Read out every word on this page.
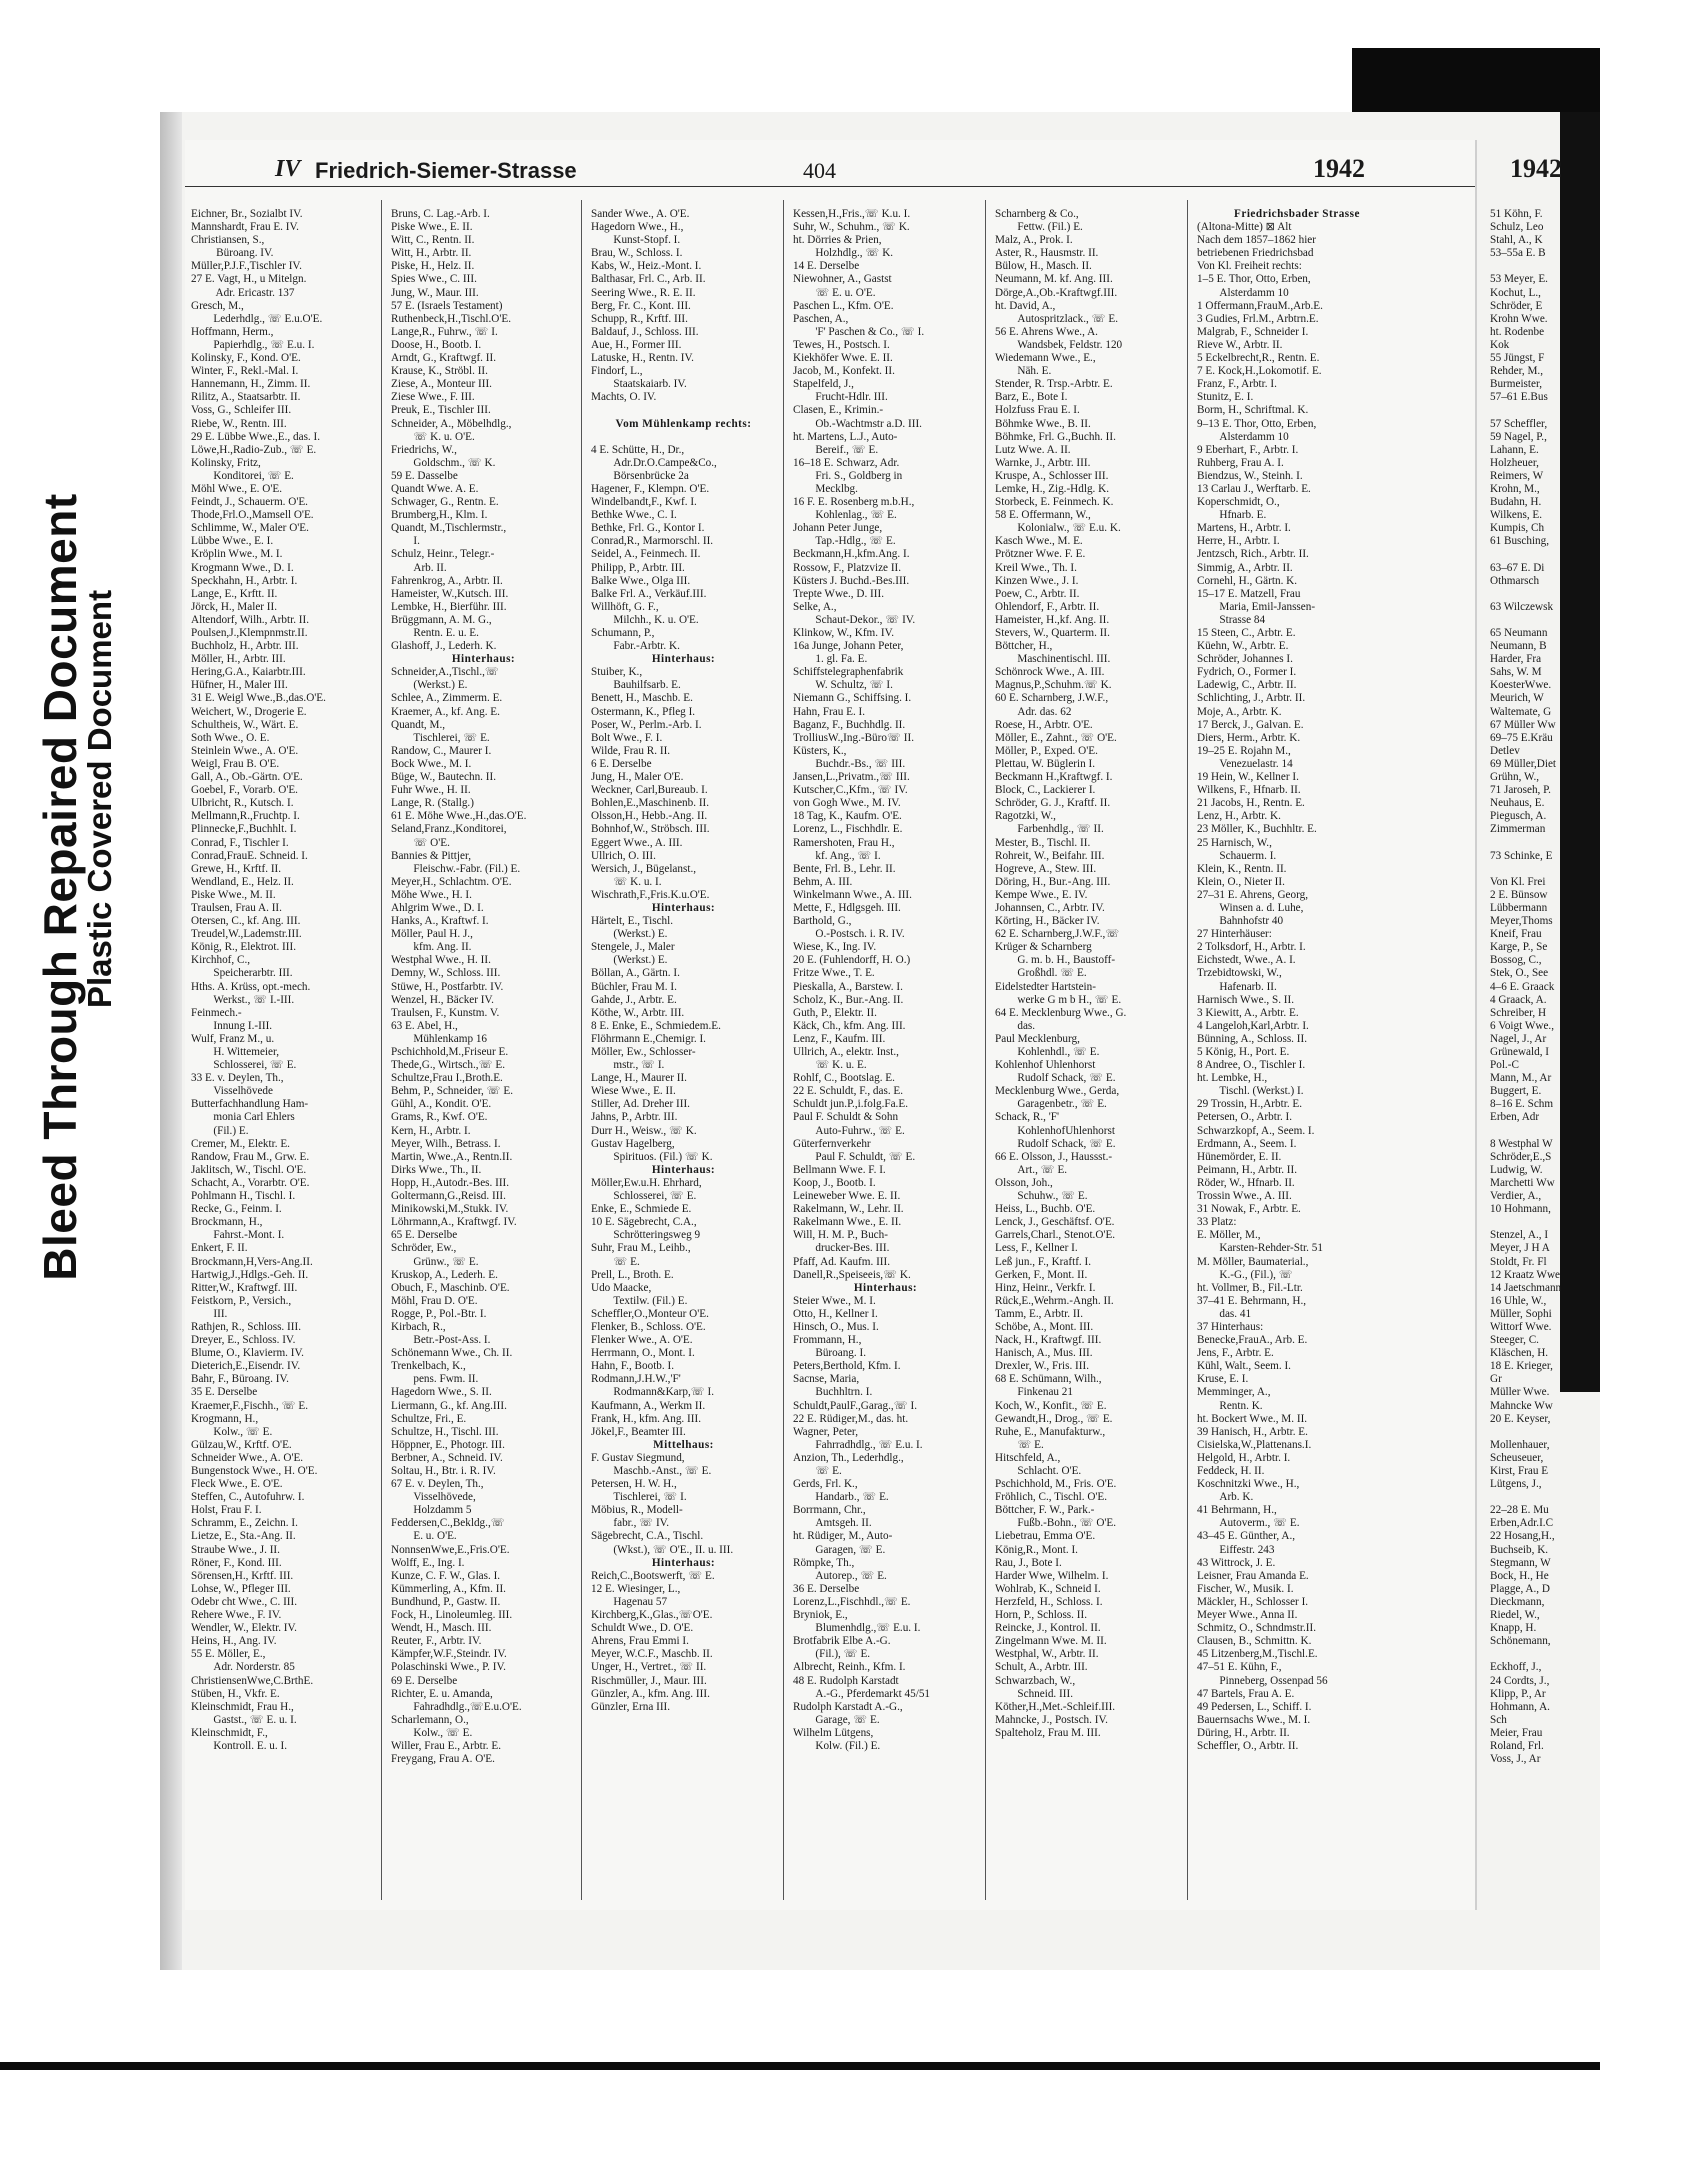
Bleed Through Repaired Document
Plastic Covered Document
IV Friedrich-Siemer-Strasse	404	1942
Eichner, Br., Sozialbt IV.
Mannshardt, Frau E. IV.
Christiansen, S.,
   Büroang. IV.
Müller,P.J.F.,Tischler IV.
27 E. Vagt, H., u Mitelgn.
   Adr. Ericastr. 137
Gresch, M.,
  Lederhdlg., ☏ E.u.O'E.
Hoffmann, Herm.,
  Papierhdlg., ☏ E.u. I.
Kolinsky, F., Kond. O'E.
Winter, F., Rekl.-Mal. I.
Hannemann, H., Zimm. II.
Rilitz, A., Staatsarbtr. II.
Voss, G., Schleifer III.
Riebe, W., Rentn. III.
29 E. Lübbe Wwe.,E., das. I.
Löwe,H.,Radio-Zub., ☏ E.
Kolinsky, Fritz,
  Konditorei, ☏ E.
Möhl Wwe., E. O'E.
Feindt, J., Schauerm. O'E.
Thode,Frl.O.,Mamsell O'E.
Schlimme, W., Maler O'E.
Lübbe Wwe., E. I.
Kröplin Wwe., M. I.
Krogmann Wwe., D. I.
Speckhahn, H., Arbtr. I.
Lange, E., Krftt. II.
Jörck, H., Maler II.
Altendorf, Wilh., Arbtr. II.
Poulsen,J.,Klempnmstr.II.
Buchholz, H., Arbtr. III.
Möller, H., Arbtr. III.
Hering,G.A., Kaiarbtr.III.
Hüfner, H., Maler III.
31 E. Weigl Wwe.,B.,das.O'E.
Weichert, W., Drogerie E.
Schultheis, W., Wärt. E.
Soth Wwe., O. E.
Steinlein Wwe., A. O'E.
Weigl, Frau B. O'E.
Gall, A., Ob.-Gärtn. O'E.
Goebel, F., Vorarb. O'E.
Ulbricht, R., Kutsch. I.
Mellmann,R.,Fruchtp. I.
Plinnecke,F.,Buchhlt. I.
Conrad, F., Tischler I.
Conrad,FrauE. Schneid. I.
Grewe, H., Krftf. II.
Wendland, E., Helz. II.
Piske Wwe., M. II.
Traulsen, Frau A. II.
Otersen, C., kf. Ang. III.
Treudel,W.,Lademstr.III.
König, R., Elektrot. III.
Kirchhof, C.,
  Speicherarbtr. III.
Hths. A. Krüss, opt.-mech.
  Werkst., ☏ I.-III.
Feinmech.-
  Innung I.-III.
Wulf, Franz M., u.
  H. Wittemeier,
  Schlosserei, ☏ E.
33 E. v. Deylen, Th.,
  Visselhövede
Butterfachhandlung Ham-
  monia Carl Ehlers
  (Fil.) E.
Cremer, M., Elektr. E.
Randow, Frau M., Grw. E.
Jaklitsch, W., Tischl. O'E.
Schacht, A., Vorarbtr. O'E.
Pohlmann H., Tischl. I.
Recke, G., Feinm. I.
Brockmann, H.,
  Fahrst.-Mont. I.
Enkert, F. II.
Brockmann,H,Vers-Ang.II.
Hartwig,J.,Hdlgs.-Geh. II.
Ritter,W., Kraftwgf. III.
Feistkorn, P., Versich.,
  III.
Rathjen, R., Schloss. III.
Dreyer, E., Schloss. IV.
Blume, O., Klavierm. IV.
Dieterich,E.,Eisendr. IV.
Bahr, F., Büroang. IV.
35 E. Derselbe
Kraemer,F.,Fischh., ☏ E.
Krogmann, H.,
  Kolw., ☏ E.
Gülzau,W., Krftf. O'E.
Schneider Wwe., A. O'E.
Bungenstock Wwe., H. O'E.
Fleck Wwe., E. O'E.
Steffen, C., Autofuhrw. I.
Holst, Frau F. I.
Schramm, E., Zeichn. I.
Lietze, E., Sta.-Ang. II.
Straube Wwe., J. II.
Röner, F., Kond. III.
Sörensen,H., Krftf. III.
Lohse, W., Pfleger III.
Odebr cht Wwe., C. III.
Rehere Wwe., F. IV.
Wendler, W., Elektr. IV.
Heins, H., Ang. IV.
55 E. Möller, E.,
  Adr. Norderstr. 85
ChristiensenWwe,C.BrthE.
Stüben, H., Vkfr. E.
Kleinschmidt, Frau H.,
  Gastst., ☏ E. u. I.
Kleinschmidt, F.,
  Kontroll. E. u. I.
Bruns, C. Lag.-Arb. I.
Piske Wwe., E. II.
Witt, C., Rentn. II.
Witt, H., Arbtr. II.
Piske, H., Helz. II.
Spies Wwe., C. III.
Jung, W., Maur. III.
57 E. (Israels Testament)
Ruthenbeck,H.,Tischl.O'E.
Lange,R., Fuhrw., ☏ I.
Doose, H., Bootb. I.
Arndt, G., Kraftwgf. II.
Krause, K., Ströbl. II.
Ziese, A., Monteur III.
Ziese Wwe., F. III.
Preuk, E., Tischler III.
Schneider, A., Möbelhdlg.,
  ☏ K. u. O'E.
Friedrichs, W.,
  Goldschm., ☏ K.
59 E. Dasselbe
Quandt Wwe. A. E.
Schwager, G., Rentn. E.
Brumberg,H., Klm. I.
Quandt, M.,Tischlermstr.,
  I.
Schulz, Heinr., Telegr.-
  Arb. II.
Fahrenkrog, A., Arbtr. II.
Hameister, W.,Kutsch. III.
Lembke, H., Bierführ. III.
Brüggmann, A. M. G.,
  Rentn. E. u. E.
Glashoff, J., Lederh. K.
Hinterhaus:
Schneider,A.,Tischl.,☏
  (Werkst.) E.
Schlee, A., Zimmerm. E.
Kraemer, A., kf. Ang. E.
Quandt, M.,
  Tischlerei, ☏ E.
Randow, C., Maurer I.
Bock Wwe., M. I.
Büge, W., Bautechn. II.
Fuhr Wwe., H. II.
Lange, R. (Stallg.)
61 E. Möhe Wwe.,H.,das.O'E.
Seland,Franz.,Konditorei,
  ☏ O'E.
Bannies & Pittjer,
  Fleischw.-Fabr. (Fil.) E.
Meyer,H., Schlachtm. O'E.
Möhe Wwe., H. I.
Ahlgrim Wwe., D. I.
Hanks, A., Kraftwf. I.
Möller, Paul H. J.,
  kfm. Ang. II.
Westphal Wwe., H. II.
Demny, W., Schloss. III.
Stüwe, H., Postfarbtr. IV.
Wenzel, H., Bäcker IV.
Traulsen, F., Kunstm. V.
63 E. Abel, H.,
  Mühlenkamp 16
Pschichhold,M.,Friseur E.
Thede,G., Wirtsch.,☏ E.
Schultze,Frau I.,Broth.E.
Behm, P., Schneider, ☏ E.
Gühl, A., Kondit. O'E.
Grams, R., Kwf. O'E.
Kern, H., Arbtr. I.
Meyer, Wilh., Betrass. I.
Martin, Wwe.,A., Rentn.II.
Dirks Wwe., Th., II.
Hopp, H.,Autodr.-Bes. III.
Goltermann,G.,Reisd. III.
Minikowski,M.,Stukk. IV.
Löhrmann,A., Kraftwgf. IV.
65 E. Derselbe
Schröder, Ew.,
  Grünw., ☏ E.
Kruskop, A., Lederh. E.
Obuch, F., Maschinb. O'E.
Möhl, Frau D. O'E.
Rogge, P., Pol.-Btr. I.
Kirbach, R.,
  Betr.-Post-Ass. I.
Schönemann Wwe., Ch. II.
Trenkelbach, K.,
  pens. Fwm. II.
Hagedorn Wwe., S. II.
Liermann, G., kf. Ang.III.
Schultze, Fri., E.
Schultze, H., Tischl. III.
Höppner, E., Photogr. III.
Berbner, A., Schneid. IV.
Soltau, H., Btr. i. R. IV.
67 E. v. Deylen, Th.,
  Visselhövede,
  Holzdamm 5
Feddersen,C.,Bekldg.,☏
  E. u. O'E.
NonnsenWwe,E.,Fris.O'E.
Wolff, E., Ing. I.
Kunze, C. F. W., Glas. I.
Kümmerling, A., Kfm. II.
Bundhund, P., Gastw. II.
Fock, H., Linoleumleg. III.
Wendt, H., Masch. III.
Reuter, F., Arbtr. IV.
Kämpfer,W.F.,Steindr. IV.
Polaschinski Wwe., P. IV.
69 E. Derselbe
Richter, E. u. Amanda,
  Fahradhdlg.,☏E.u.O'E.
Scharlemann, O.,
  Kolw., ☏ E.
Willer, Frau E., Arbtr. E.
Freygang, Frau A. O'E.
Sander Wwe., A. O'E.
Hagedorn Wwe., H.,
  Kunst-Stopf. I.
Brau, W., Schloss. I.
Kabs, W., Heiz.-Mont. I.
Balthasar, Frl. C., Arb. II.
Seering Wwe., R. E. II.
Berg, Fr. C., Kont. III.
Schupp, R., Krftf. III.
Baldauf, J., Schloss. III.
Aue, H., Former III.
Latuske, H., Rentn. IV.
Findorf, L.,
  Staatskaiarb. IV.
Machts, O. IV.
Vom Mühlenkamp rechts:
4 E. Schütte, H., Dr.,
  Adr.Dr.O.Campe&Co.,
  Börsenbrücke 2a
Hagener, F., Klempn. O'E.
Windelbandt,F., Kwf. I.
Bethke Wwe., C. I.
Bethke, Frl. G., Kontor I.
Conrad,R., Marmorschl. II.
Seidel, A., Feinmech. II.
Philipp, P., Arbtr. III.
Balke Wwe., Olga III.
Balke Frl. A., Verkäuf.III.
Willhöft, G. F.,
  Milchh., K. u. O'E.
Schumann, P.,
  Fabr.-Arbtr. K.
Hinterhaus:
Stuiber, K.,
  Bauhilfsarb. E.
Benett, H., Maschb. E.
Ostermann, K., Pfleg I.
Poser, W., Perlm.-Arb. I.
Bolt Wwe., F. I.
Wilde, Frau R. II.
6 E. Derselbe
Jung, H., Maler O'E.
Weckner, Carl,Bureaub. I.
Bohlen,E.,Maschinenb. II.
Olsson,H., Hebb.-Ang. II.
Bohnhof,W., Ströbsch. III.
Eggert Wwe., A. III.
Ullrich, O. III.
Wersich, J., Bügelanst.,
  ☏ K. u. I.
Wischrath,F.,Fris.K.u.O'E.
Hinterhaus:
Härtelt, E., Tischl.
  (Werkst.) E.
Stengele, J., Maler
  (Werkst.) E.
Böllan, A., Gärtn. I.
Büchler, Frau M. I.
Gahde, J., Arbtr. E.
Köthe, W., Arbtr. III.
8 E. Enke, E., Schmiedem.E.
Flöhrmann E.,Chemigr. I.
Möller, Ew., Schlosser-
  mstr., ☏ I.
Lange, H., Maurer II.
Wiese Wwe., E. II.
Stiller, Ad. Dreher III.
Jahns, P., Arbtr. III.
Durr H., Weisw., ☏ K.
Gustav Hagelberg,
  Spirituos. (Fil.) ☏ K.
Hinterhaus:
Möller,Ew.u.H. Ehrhard,
  Schlosserei, ☏ E.
Enke, E., Schmiede E.
10 E. Sägebrecht, C.A.,
  Schrötteringsweg 9
Suhr, Frau M., Leihb.,
  ☏ E.
Prell, L., Broth. E.
Udo Maacke,
  Textilw. (Fil.) E.
Scheffler,O.,Monteur O'E.
Flenker, B., Schloss. O'E.
Flenker Wwe., A. O'E.
Herrmann, O., Mont. I.
Hahn, F., Bootb. I.
Rodmann,J.H.W.,'F'
  Rodmann&Karp,☏ I.
Kaufmann, A., Werkm II.
Frank, H., kfm. Ang. III.
Jökel,F., Beamter III.
Mittelhaus:
F. Gustav Siegmund,
  Maschb.-Anst., ☏ E.
Petersen, H. W. H.,
  Tischlerei, ☏ I.
Möbius, R., Modell-
  fabr., ☏ IV.
Sägebrecht, C.A., Tischl.
  (Wkst.), ☏ O'E., II. u. III.
Hinterhaus:
Reich,C.,Bootswerft, ☏ E.
12 E. Wiesinger, L.,
  Hagenau 57
Kirchberg,K.,Glas.,☏O'E.
Schuldt Wwe., D. O'E.
Ahrens, Frau Emmi I.
Meyer, W.C.F., Maschb. II.
Unger, H., Vertret., ☏ II.
Rischmüller, J., Maur. III.
Günzler, A., kfm. Ang. III.
Günzler, Erna III.
Kessen,H.,Fris.,☏ K.u. I.
Suhr, W., Schuhm., ☏ K.
ht. Dörries & Prien,
  Holzhdlg., ☏ K.
14 E. Derselbe
Niewohner, A., Gastst
  ☏ E. u. O'E.
Paschen L., Kfm. O'E.
Paschen, A.,
  'F' Paschen & Co., ☏ I.
Tewes, H., Postsch. I.
Kiekhöfer Wwe. E. II.
Jacob, M., Konfekt. II.
Stapelfeld, J.,
  Frucht-Hdlr. III.
Clasen, E., Krimin.-
  Ob.-Wachtmstr a.D. III.
ht. Martens, L.J., Auto-
  Bereif., ☏ E.
16–18 E. Schwarz, Adr.
  Fri. S., Goldberg in
  Mecklbg.
16 F. E. Rosenberg m.b.H.,
  Kohlenlag., ☏ E.
Johann Peter Junge,
  Tap.-Hdlg., ☏ E.
Beckmann,H.,kfm.Ang. I.
Rossow, F., Platzvize II.
Küsters J. Buchd.-Bes.III.
Trepte Wwe., D. III.
Selke, A.,
  Schaut-Dekor., ☏ IV.
Klinkow, W., Kfm. IV.
16a Junge, Johann Peter,
  1. gl. Fa. E.
Schiffstelegraphenfabrik
  W. Schultz, ☏ I.
Niemann G., Schiffsing. I.
Hahn, Frau E. I.
Baganz, F., Buchhdlg. II.
TrolliusW.,Ing.-Büro☏ II.
Küsters, K.,
  Buchdr.-Bs., ☏ III.
Jansen,L.,Privatm.,☏ III.
Kutscher,C.,Kfm., ☏ IV.
von Gogh Wwe., M. IV.
18 Tag, K., Kaufm. O'E.
Lorenz, L., Fischhdlr. E.
Ramershoten, Frau H.,
  kf. Ang., ☏ I.
Bente, Frl. B., Lehr. II.
Behm, A. III.
Winkelmann Wwe., A. III.
Mette, F., Hdlgsgeh. III.
Barthold, G.,
  O.-Postsch. i. R. IV.
Wiese, K., Ing. IV.
20 E. (Fuhlendorff, H. O.)
Fritze Wwe., T. E.
Pieskalla, A., Barstew. I.
Scholz, K., Bur.-Ang. II.
Guth, P., Elektr. II.
Käck, Ch., kfm. Ang. III.
Lenz, F., Kaufm. III.
Ullrich, A., elektr. Inst.,
  ☏ K. u. E.
Rohlf, C., Bootslag. E.
22 E. Schuldt, F., das. E.
Schuldt jun.P.,i.folg.Fa.E.
Paul F. Schuldt & Sohn
  Auto-Fuhrw., ☏ E.
Güterfernverkehr
  Paul F. Schuldt, ☏ E.
Bellmann Wwe. F. I.
Koop, J., Bootb. I.
Leineweber Wwe. E. II.
Rakelmann, W., Lehr. II.
Rakelmann Wwe., E. II.
Will, H. M. P., Buch-
  drucker-Bes. III.
Pfaff, Ad. Kaufm. III.
Danell,R.,Speiseeis,☏ K.
Hinterhaus:
Steier Wwe., M. I.
Otto, H., Kellner I.
Hinsch, O., Mus. I.
Frommann, H.,
  Büroang. I.
Peters,Berthold, Kfm. I.
Sacnse, Maria,
  Buchhltrn. I.
Schuldt,PaulF.,Garag.,☏ I.
22 E. Rüdiger,M., das. ht.
Wagner, Peter,
  Fahrradhdlg., ☏ E.u. I.
Anzion, Th., Lederhdlg.,
  ☏ E.
Gerds, Frl. K.,
  Handarb., ☏ E.
Borrmann, Chr.,
  Amtsgeh. II.
ht. Rüdiger, M., Auto-
  Garagen, ☏ E.
Römpke, Th.,
  Autorep., ☏ E.
36 E. Derselbe
Lorenz,L.,Fischhdl.,☏ E.
Bryniok, E.,
  Blumenhdlg.,☏ E.u. I.
Brotfabrik Elbe A.-G.
  (Fil.), ☏ E.
Albrecht, Reinh., Kfm. I.
48 E. Rudolph Karstadt
  A.-G., Pferdemarkt 45/51
Rudolph Karstadt A.-G.,
  Garage, ☏ E.
Wilhelm Lütgens,
  Kolw. (Fil.) E.
Scharnberg & Co.,
  Fettw. (Fil.) E.
Malz, A., Prok. I.
Aster, R., Hausmstr. II.
Bülow, H., Masch. II.
Neumann, M. kf. Ang. III.
Dörge,A.,Ob.-Kraftwgf.III.
ht. David, A.,
  Autospritzlack., ☏ E.
56 E. Ahrens Wwe., A.
  Wandsbek, Feldstr. 120
Wiedemann Wwe., E.,
  Näh. E.
Stender, R. Trsp.-Arbtr. E.
Barz, E., Bote I.
Holzfuss Frau E. I.
Böhmke Wwe., B. II.
Böhmke, Frl. G.,Buchh. II.
Lutz Wwe. A. II.
Warnke, J., Arbtr. III.
Kruspe, A., Schlosser III.
Lemke, H., Zig.-Hdlg. K.
Storbeck, E. Feinmech. K.
58 E. Offermann, W.,
  Kolonialw., ☏ E.u. K.
Kasch Wwe., M. E.
Prötzner Wwe. F. E.
Kreil Wwe., Th. I.
Kinzen Wwe., J. I.
Poew, C., Arbtr. II.
Ohlendorf, F., Arbtr. II.
Hameister, H.,kf. Ang. II.
Stevers, W., Quarterm. II.
Böttcher, H.,
  Maschinentischl. III.
Schönrock Wwe., A. III.
Magnus,P.,Schuhm.☏ K.
60 E. Scharnberg, J.W.F.,
  Adr. das. 62
Roese, H., Arbtr. O'E.
Möller, E., Zahnt., ☏ O'E.
Möller, P., Exped. O'E.
Plettau, W. Büglerin I.
Beckmann H.,Kraftwgf. I.
Block, C., Lackierer I.
Schröder, G. J., Kraftf. II.
Ragotzki, W.,
  Farbenhdlg., ☏ II.
Mester, B., Tischl. II.
Rohreit, W., Beifahr. III.
Hogreve, A., Stew. III.
Döring, H., Bur.-Ang. III.
Kempe Wwe., E. IV.
Johannsen, C., Arbtr. IV.
Körting, H., Bäcker IV.
62 E. Scharnberg,J.W.F.,☏
Krüger & Scharnberg
  G. m. b. H., Baustoff-
  Großhdl. ☏ E.
Eidelstedter Hartstein-
  werke G m b H., ☏ E.
64 E. Mecklenburg Wwe., G.
  das.
Paul Mecklenburg,
  Kohlenhdl., ☏ E.
Kohlenhof Uhlenhorst
  Rudolf Schack, ☏ E.
Mecklenburg Wwe., Gerda,
  Garagenbetr., ☏ E.
Schack, R., 'F'
  KohlenhofUhlenhorst
  Rudolf Schack, ☏ E.
66 E. Olsson, J., Haussst.-
  Art., ☏ E.
Olsson, Joh.,
  Schuhw., ☏ E.
Heiss, L., Buchb. O'E.
Lenck, J., Geschäftsf. O'E.
Garrels,Charl., Stenot.O'E.
Less, F., Kellner I.
Leß jun., F., Kraftf. I.
Gerken, F., Mont. II.
Hinz, Heinr., Verkfr. I.
Rück,E.,Wehrm.-Angh. II.
Tamm, E., Arbtr. II.
Schöbe, A., Mont. III.
Nack, H., Kraftwgf. III.
Hanisch, A., Mus. III.
Drexler, W., Fris. III.
68 E. Schümann, Wilh.,
  Finkenau 21
Koch, W., Konfit., ☏ E.
Gewandt,H., Drog., ☏ E.
Ruhe, E., Manufakturw.,
  ☏ E.
Hitschfeld, A.,
  Schlacht. O'E.
Pschichhold, M., Fris. O'E.
Fröhlich, C., Tischl. O'E.
Böttcher, F. W., Park.-
  Fußb.-Bohn., ☏ O'E.
Liebetrau, Emma O'E.
König,R., Mont. I.
Rau, J., Bote I.
Harder Wwe, Wilhelm. I.
Wohlrab, K., Schneid I.
Herzfeld, H., Schloss. I.
Horn, P., Schloss. II.
Reincke, J., Kontrol. II.
Zingelmann Wwe. M. II.
Westphal, W., Arbtr. II.
Schult, A., Arbtr. III.
Schwarzbach, W.,
  Schneid. III.
Köther,H.,Met.-Schleif.III.
Mahncke, J., Postsch. IV.
Spalteholz, Frau M. III.
Friedrichsbader Strasse
(Altona-Mitte) ⊠ Alt
Nach dem 1857–1862 hier
betriebenen Friedrichsbad
Von Kl. Freiheit rechts:
1–5 E. Thor, Otto, Erben,
  Alsterdamm 10
1 Offermann,FrauM.,Arb.E.
3 Gudies, Frl.M., Arbtrn.E.
Malgrab, F., Schneider I.
Rieve W., Arbtr. II.
5 Eckelbrecht,R., Rentn. E.
7 E. Kock,H.,Lokomotif. E.
Franz, F., Arbtr. I.
Stunitz, E. I.
Borm, H., Schriftmal. K.
9–13 E. Thor, Otto, Erben,
  Alsterdamm 10
9 Eberhart, F., Arbtr. I.
Ruhberg, Frau A. I.
Biendzus, W., Steinh. I.
13 Carlau J., Werftarb. E.
Koperschmidt, O.,
  Hfnarb. E.
Martens, H., Arbtr. I.
Herre, H., Arbtr. I.
Jentzsch, Rich., Arbtr. II.
Simmig, A., Arbtr. II.
Cornehl, H., Gärtn. K.
15–17 E. Matzell, Frau
  Maria, Emil-Janssen-
  Strasse 84
15 Steen, C., Arbtr. E.
Küehn, W., Arbtr. E.
Schröder, Johannes I.
Fydrich, O., Former I.
Ladewig, C., Arbtr. II.
Schlichting, J., Arbtr. II.
Moje, A., Arbtr. K.
17 Berck, J., Galvan. E.
Diers, Herm., Arbtr. K.
19–25 E. Rojahn M.,
  Venezuelastr. 14
19 Hein, W., Kellner I.
Wilkens, F., Hfnarb. II.
21 Jacobs, H., Rentn. E.
Lenz, H., Arbtr. K.
23 Möller, K., Buchhltr. E.
25 Harnisch, W.,
  Schauerm. I.
Klein, K., Rentn. II.
Klein, O., Nieter II.
27–31 E. Ahrens, Georg,
  Winsen a. d. Luhe,
  Bahnhofstr 40
27 Hinterhäuser:
2 Tolksdorf, H., Arbtr. I.
Eichstedt, Wwe., A. I.
Trzebidtowski, W.,
  Hafenarb. II.
Harnisch Wwe., S. II.
3 Kiewitt, A., Arbtr. E.
4 Langeloh,Karl,Arbtr. I.
Bünning, A., Schloss. II.
5 König, H., Port. E.
8 Andree, O., Tischler I.
ht. Lembke, H.,
  Tischl. (Werkst.) I.
29 Trossin, H.,Arbtr. E.
Petersen, O., Arbtr. I.
Schwarzkopf, A., Seem. I.
Erdmann, A., Seem. I.
Hünemörder, E. II.
Peimann, H., Arbtr. II.
Röder, W., Hfnarb. II.
Trossin Wwe., A. III.
31 Nowak, F., Arbtr. E.
33 Platz:
E. Möller, M.,
  Karsten-Rehder-Str. 51
M. Möller, Baumaterial.,
  K.-G., (Fil.), ☏
ht. Vollmer, B., Fil.-Ltr.
37–41 E. Behrmann, H.,
  das. 41
37 Hinterhaus:
Benecke,FrauA., Arb. E.
Jens, F., Arbtr. E.
Kühl, Walt., Seem. I.
Kruse, E. I.
Memminger, A.,
  Rentn. K.
ht. Bockert Wwe., M. II.
39 Hanisch, H., Arbtr. E.
Cisielska,W.,Plattenans.I.
Helgold, H., Arbtr. I.
Feddeck, H. II.
Koschnitzki Wwe., H.,
  Arb. K.
41 Behrmann, H.,
  Autoverm., ☏ E.
43–45 E. Günther, A.,
  Eiffestr. 243
43 Wittrock, J. E.
Leisner, Frau Amanda E.
Fischer, W., Musik. I.
Mäckler, H., Schlosser I.
Meyer Wwe., Anna II.
Schmitz, O., Schndmstr.II.
Clausen, B., Schmittn. K.
45 Litzenberg,M.,Tischl.E.
47–51 E. Kühn, F.,
  Pinneberg, Ossenpad 56
47 Bartels, Frau A. E.
49 Pedersen, L., Schiff. I.
Bauernsachs Wwe., M. I.
Düring, H., Arbtr. II.
Scheffler, O., Arbtr. II.
1942
51 Köhn, F.
Schulz, Leo
Stahl, A., K
53–55a E. B
53 Meyer, E.
Kochut, L.,
Schröder, E
Krohn Wwe.
ht. Rodenbe
Kok
55 Jüngst, F
Rehder, M.,
Burmeister,
57–61 E.Bus
57 Scheffler,
59 Nagel, P.,
Lahann, E.
Holzheuer,
Reimers, W
Krohn, M.,
Budahn, H.
Wilkens, E.
Kumpis, Ch
61 Busching,
63–67 E. Di
Othmarsch
63 Wilczewsk
65 Neumann
Neumann, B
Harder, Fra
Sahs, W. M
KoesterWwe.
Meurich, W
Waltemate, G
67 Müller Ww
69–75 E.Kräu
Detlev
69 Müller,Diet
Grühn, W.,
71 Jaroseh, P.
Neuhaus, E.
Piegusch, A.
Zimmerman
73 Schinke, E
Von Kl. Frei
2 E. Bünsow
Lübbermann
Meyer,Thoms
Kneif, Frau
Karge, P., Se
Bossog, C.,
Stek, O., See
4–6 E. Graack
4 Graack, A.
Schreiber, H
6 Voigt Wwe.,
Nagel, J., Ar
Grünewald, I
Pol.-C
Mann, M., Ar
Buggert, E.
8–16 E. Schm
Erben, Adr
8 Westphal W
Schröder,E.,S
Ludwig, W.
Marchetti Ww
Verdier, A.,
10 Hohmann,
Stenzel, A., I
Meyer, J H A
Stoldt, Fr. Fl
12 Kraatz Wwe
14 Jaetschmann
16 Uhle, W.,
Müller, Sophi
Wittorf Wwe.
Steeger, C.
Kläschen, H.
18 E. Krieger,
Gr
Müller Wwe.
Mahncke Ww
20 E. Keyser,
Mollenhauer,
Scheuseuer,
Kirst, Frau E
Lütgens, J.,
22–28 E. Mu
Erben,Adr.I.C
22 Hosang,H.,
Buchseib, K.
Stegmann, W
Bock, H., He
Plagge, A., D
Dieckmann,
Riedel, W.,
Knapp, H.
Schönemann,
Eckhoff, J.,
24 Cordts, J.,
Klipp, P., Ar
Hohmann, A.
Sch
Meier, Frau
Roland, Frl.
Voss, J., Ar
